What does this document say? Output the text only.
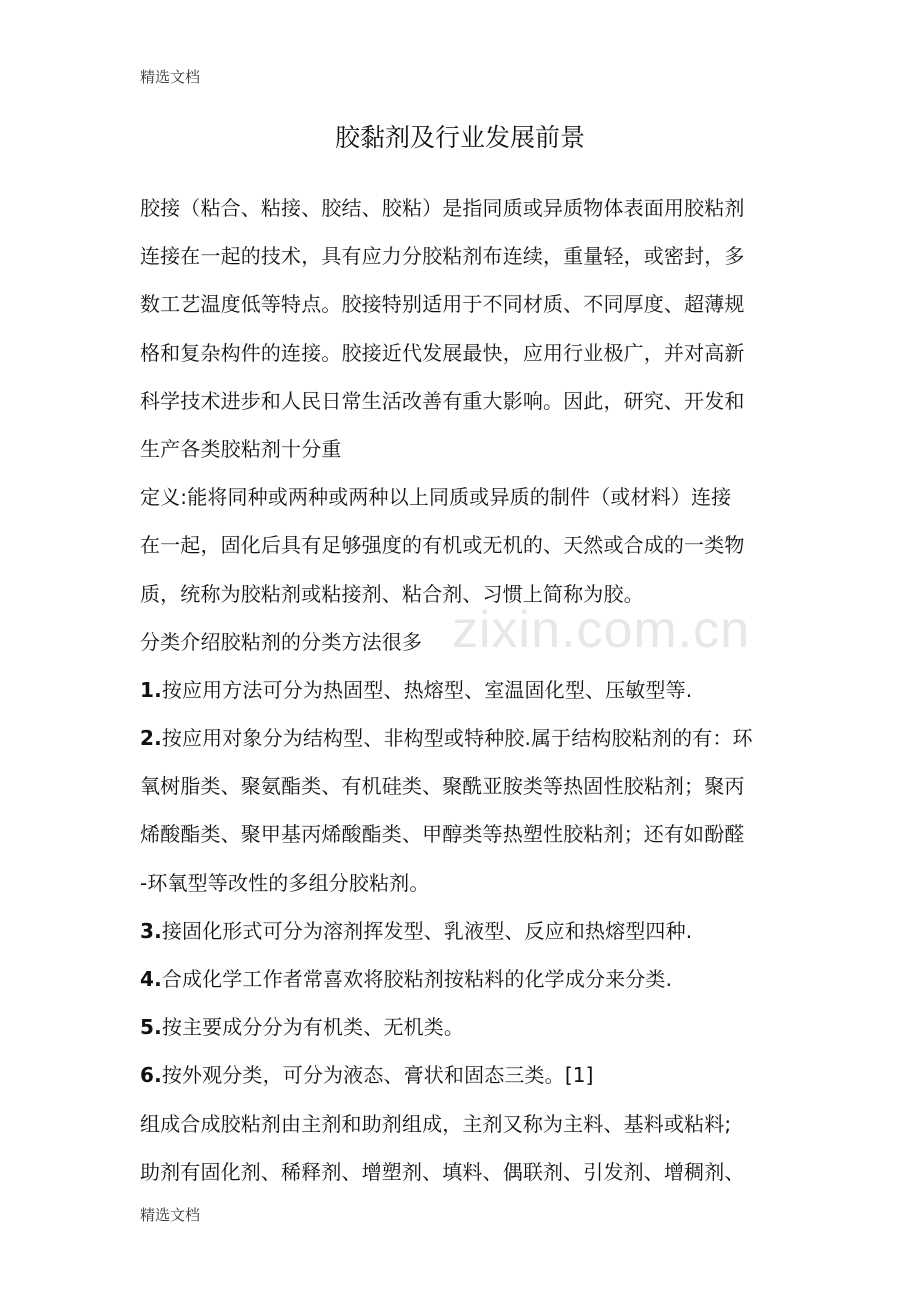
精选文档
胶黏剂及行业发展前景
胶接（粘合、粘接、胶结、胶粘）是指同质或异质物体表面用胶粘剂
连接在一起的技术，具有应力分胶粘剂布连续，重量轻，或密封，多
数工艺温度低等特点。胶接特别适用于不同材质、不同厚度、超薄规
格和复杂构件的连接。胶接近代发展最快，应用行业极广，并对高新
科学技术进步和人民日常生活改善有重大影响。因此，研究、开发和
生产各类胶粘剂十分重
定义:能将同种或两种或两种以上同质或异质的制件（或材料）连接
在一起，固化后具有足够强度的有机或无机的、天然或合成的一类物
质，统称为胶粘剂或粘接剂、粘合剂、习惯上简称为胶。
分类介绍胶粘剂的分类方法很多
1.按应用方法可分为热固型、热熔型、室温固化型、压敏型等.
2.按应用对象分为结构型、非构型或特种胶.属于结构胶粘剂的有：环
氧树脂类、聚氨酯类、有机硅类、聚酰亚胺类等热固性胶粘剂；聚丙
烯酸酯类、聚甲基丙烯酸酯类、甲醇类等热塑性胶粘剂；还有如酚醛
-环氧型等改性的多组分胶粘剂。
3.接固化形式可分为溶剂挥发型、乳液型、反应和热熔型四种.
4.合成化学工作者常喜欢将胶粘剂按粘料的化学成分来分类.
5.按主要成分分为有机类、无机类。
6.按外观分类，可分为液态、膏状和固态三类。[1]
组成合成胶粘剂由主剂和助剂组成，主剂又称为主料、基料或粘料;
助剂有固化剂、稀释剂、增塑剂、填料、偶联剂、引发剂、增稠剂、
zixin.com.cn
精选文档
